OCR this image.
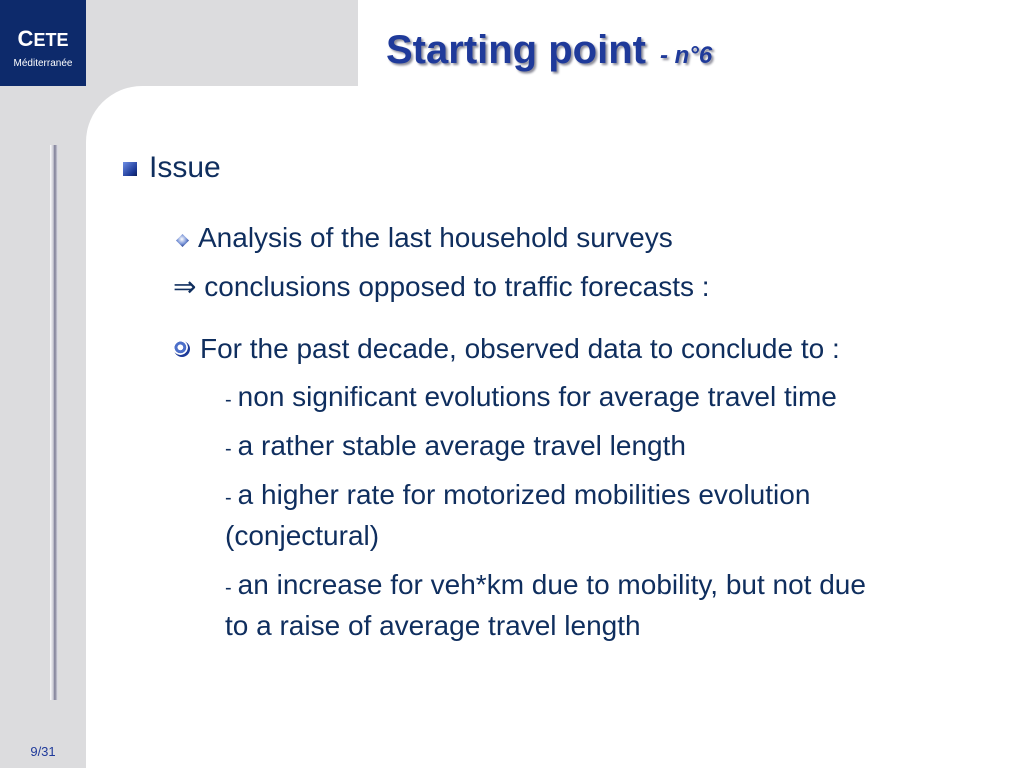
CETE
Méditerranée	Starting point - n°6
Issue
Analysis of the last household surveys
⇒ conclusions opposed to traffic forecasts :
For the past decade, observed data to conclude to :
- non significant evolutions for average travel time
- a rather stable average travel length
- a higher rate for motorized mobilities evolution
(conjectural)
- an increase for veh*km due to mobility, but not due
to a raise of average travel length
9/31
